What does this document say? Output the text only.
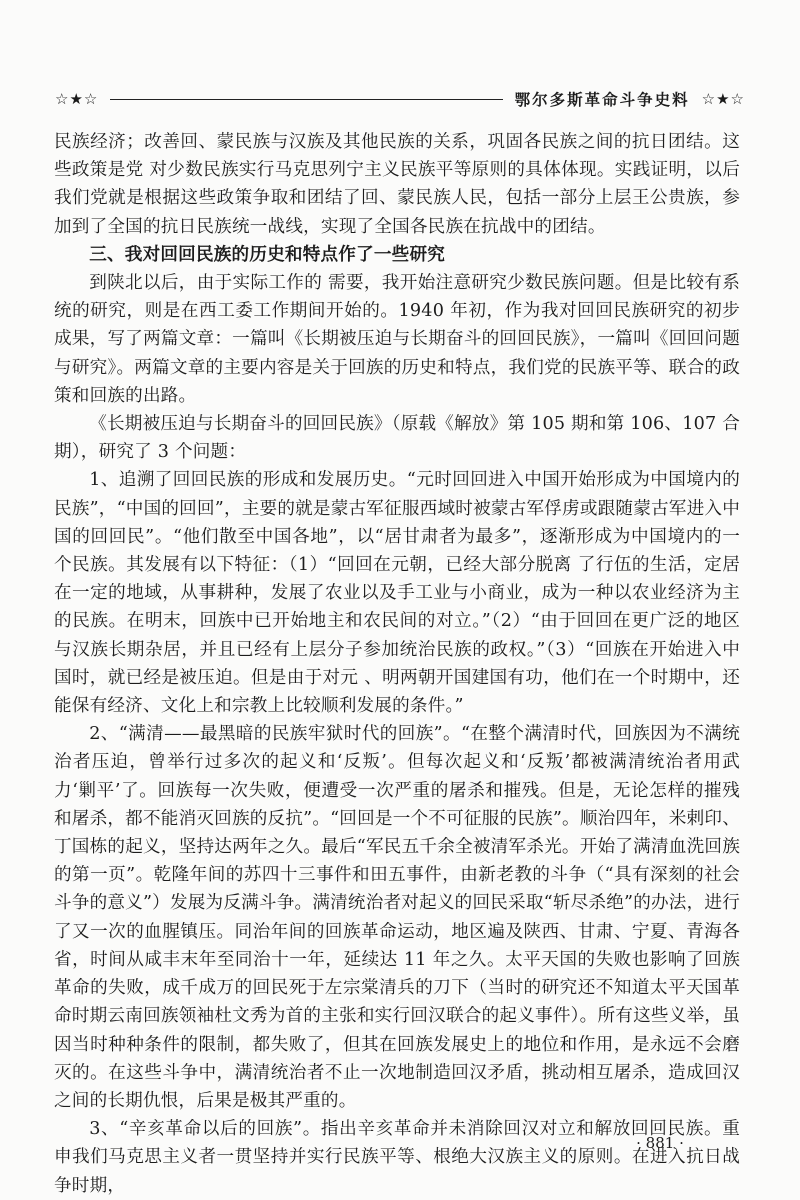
☆★☆	鄂尔多斯革命斗争史料 ☆★☆

民族经济；改善回、蒙民族与汉族及其他民族的关系，巩固各民族之间的抗日团结。这些政策是党 对少数民族实行马克思列宁主义民族平等原则的具体体现。实践证明，以后我们党就是根据这些政策争取和团结了回、蒙民族人民，包括一部分上层王公贵族，参加到了全国的抗日民族统一战线，实现了全国各民族在抗战中的团结。

三、我对回回民族的历史和特点作了一些研究

到陕北以后，由于实际工作的 需要，我开始注意研究少数民族问题。但是比较有系统的研究，则是在西工委工作期间开始的。1940 年初，作为我对回回民族研究的初步成果，写了两篇文章：一篇叫《长期被压迫与长期奋斗的回回民族》，一篇叫《回回问题与研究》。两篇文章的主要内容是关于回族的历史和特点，我们党的民族平等、联合的政策和回族的出路。

《长期被压迫与长期奋斗的回回民族》（原载《解放》第 105 期和第 106、107 合期），研究了 3 个问题：

1、追溯了回回民族的形成和发展历史。“元时回回进入中国开始形成为中国境内的民族”，“中国的回回”，主要的就是蒙古军征服西域时被蒙古军俘虏或跟随蒙古军进入中国的回回民”。“他们散至中国各地”，以“居甘肃者为最多”，逐渐形成为中国境内的一个民族。其发展有以下特征：（1）“回回在元朝，已经大部分脱离 了行伍的生活，定居在一定的地域，从事耕种，发展了农业以及手工业与小商业，成为一种以农业经济为主的民族。在明末，回族中已开始地主和农民间的对立。”（2）“由于回回在更广泛的地区与汉族长期杂居，并且已经有上层分子参加统治民族的政权。”（3）“回族在开始进入中国时，就已经是被压迫。但是由于对元 、明两朝开国建国有功，他们在一个时期中，还能保有经济、文化上和宗教上比较顺利发展的条件。”

2、“满清——最黑暗的民族牢狱时代的回族”。“在整个满清时代，回族因为不满统治者压迫，曾举行过多次的起义和‘反叛’。但每次起义和‘反叛’都被满清统治者用武力‘剿平’了。回族每一次失败，便遭受一次严重的屠杀和摧残。但是，无论怎样的摧残和屠杀，都不能消灭回族的反抗”。“回回是一个不可征服的民族”。顺治四年，米剌印、丁国栋的起义，坚持达两年之久。最后“军民五千余全被清军杀光。开始了满清血洗回族的第一页”。乾隆年间的苏四十三事件和田五事件，由新老教的斗争（“具有深刻的社会斗争的意义”）发展为反满斗争。满清统治者对起义的回民采取“斩尽杀绝”的办法，进行了又一次的血腥镇压。同治年间的回族革命运动，地区遍及陕西、甘肃、宁夏、青海各省，时间从咸丰末年至同治十一年，延续达 11 年之久。太平天国的失败也影响了回族 革命的失败，成千成万的回民死于左宗棠清兵的刀下（当时的研究还不知道太平天国革命时期云南回族领袖杜文秀为首的主张和实行回汉联合的起义事件）。所有这些义举，虽因当时种种条件的限制，都失败了，但其在回族发展史上的地位和作用，是永远不会磨灭的。在这些斗争中，满清统治者不止一次地制造回汉矛盾，挑动相互屠杀，造成回汉之间的长期仇恨，后果是极其严重的。

3、“辛亥革命以后的回族”。指出辛亥革命并未消除回汉对立和解放回回民族。重申我们马克思主义者一贯坚持并实行民族平等、根绝大汉族主义的原则。在进入抗日战争时期，

· 881 ·
